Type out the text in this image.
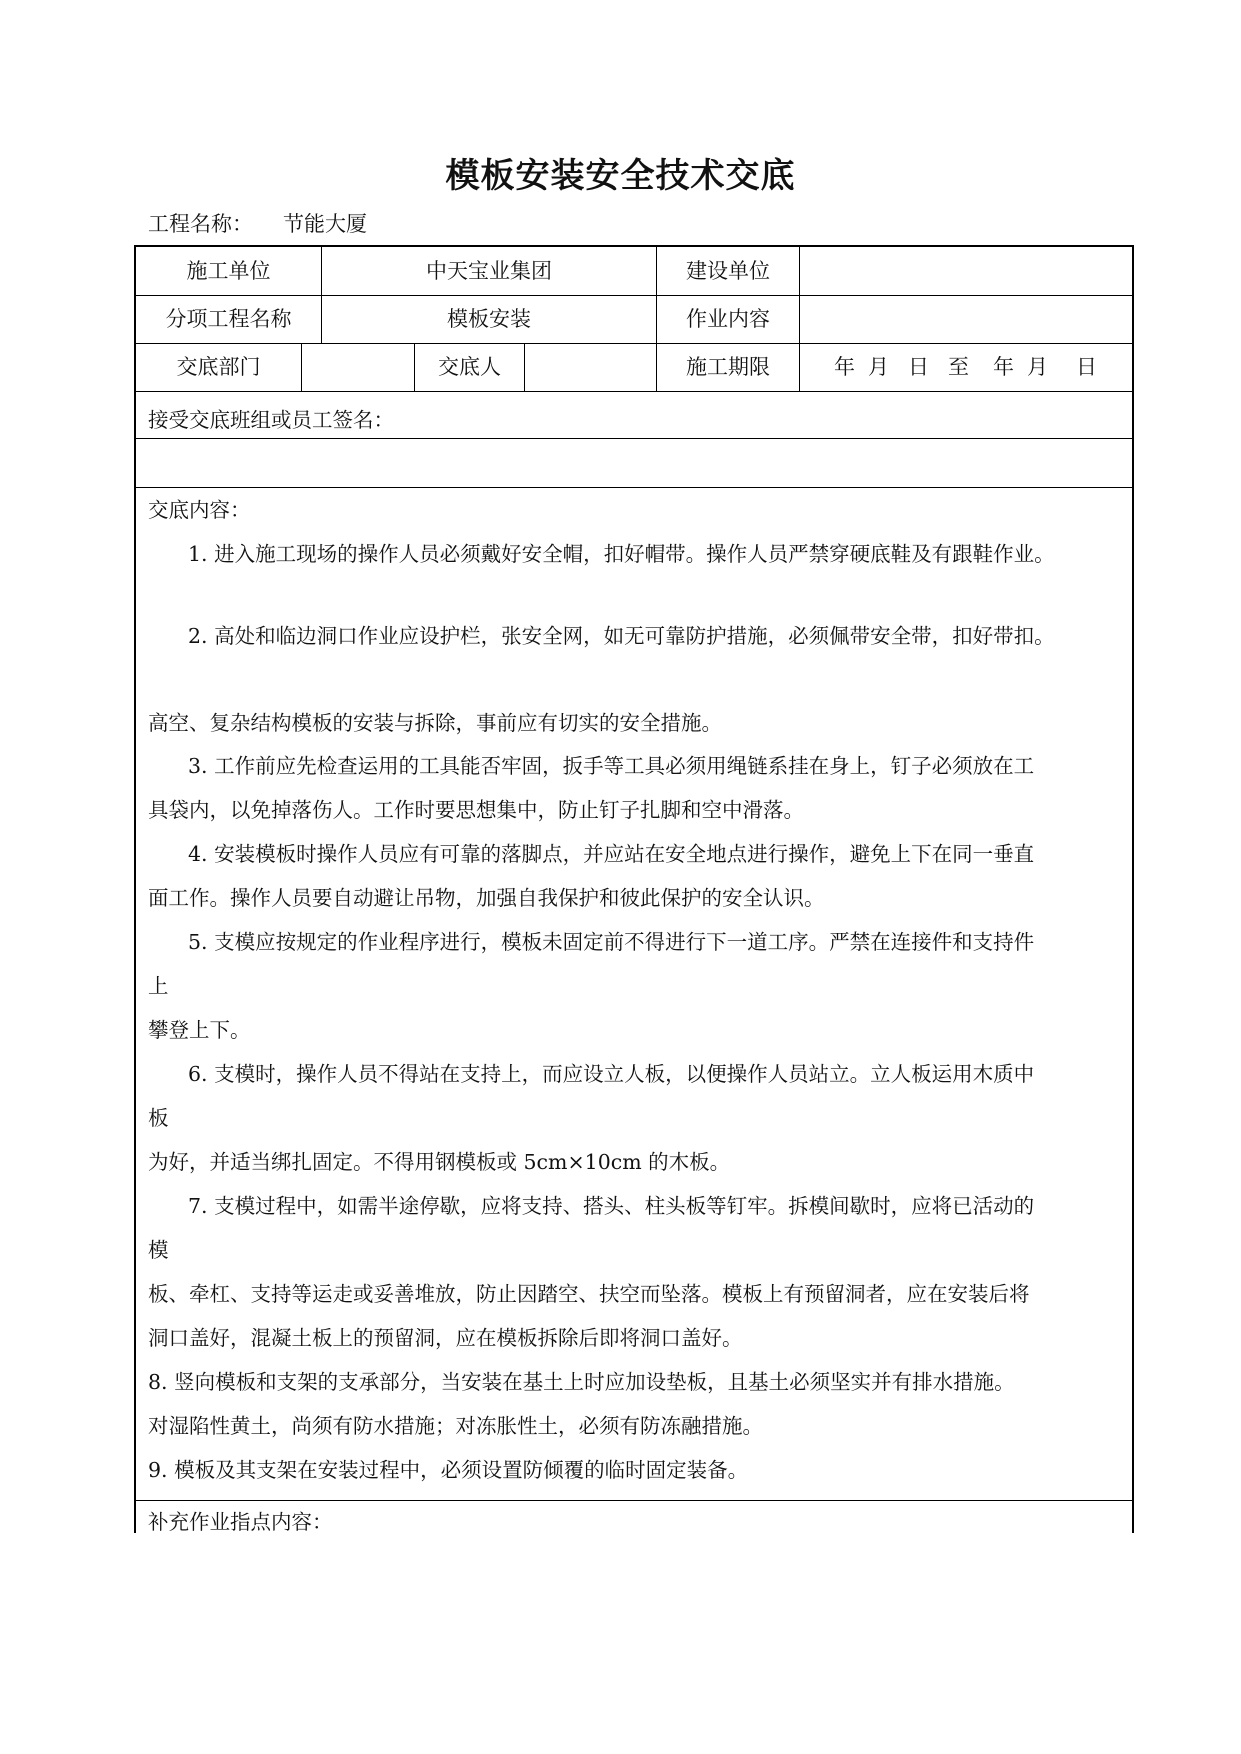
模板安装安全技术交底
工程名称： 节能大厦
施工单位	中天宝业集团	建设单位
分项工程名称	模板安装	作业内容
交底部门	交底人	施工期限	年 月 日 至 年 月 日
接受交底班组或员工签名：
交底内容：
1. 进入施工现场的操作人员必须戴好安全帽，扣好帽带。操作人员严禁穿硬底鞋及有跟鞋作业。
2. 高处和临边洞口作业应设护栏，张安全网，如无可靠防护措施，必须佩带安全带，扣好带扣。
高空、复杂结构模板的安装与拆除，事前应有切实的安全措施。
3. 工作前应先检查运用的工具能否牢固，扳手等工具必须用绳链系挂在身上，钉子必须放在工
具袋内，以免掉落伤人。工作时要思想集中，防止钉子扎脚和空中滑落。
4. 安装模板时操作人员应有可靠的落脚点，并应站在安全地点进行操作，避免上下在同一垂直
面工作。操作人员要自动避让吊物，加强自我保护和彼此保护的安全认识。
5. 支模应按规定的作业程序进行，模板未固定前不得进行下一道工序。严禁在连接件和支持件
上
攀登上下。
6. 支模时，操作人员不得站在支持上，而应设立人板，以便操作人员站立。立人板运用木质中
板
为好，并适当绑扎固定。不得用钢模板或 5cm×10cm 的木板。
7. 支模过程中，如需半途停歇，应将支持、搭头、柱头板等钉牢。拆模间歇时，应将已活动的
模
板、牵杠、支持等运走或妥善堆放，防止因踏空、扶空而坠落。模板上有预留洞者，应在安装后将
洞口盖好，混凝土板上的预留洞，应在模板拆除后即将洞口盖好。
8. 竖向模板和支架的支承部分，当安装在基土上时应加设垫板，且基土必须坚实并有排水措施。
对湿陷性黄土，尚须有防水措施；对冻胀性土，必须有防冻融措施。
9. 模板及其支架在安装过程中，必须设置防倾覆的临时固定装备。
补充作业指点内容：
